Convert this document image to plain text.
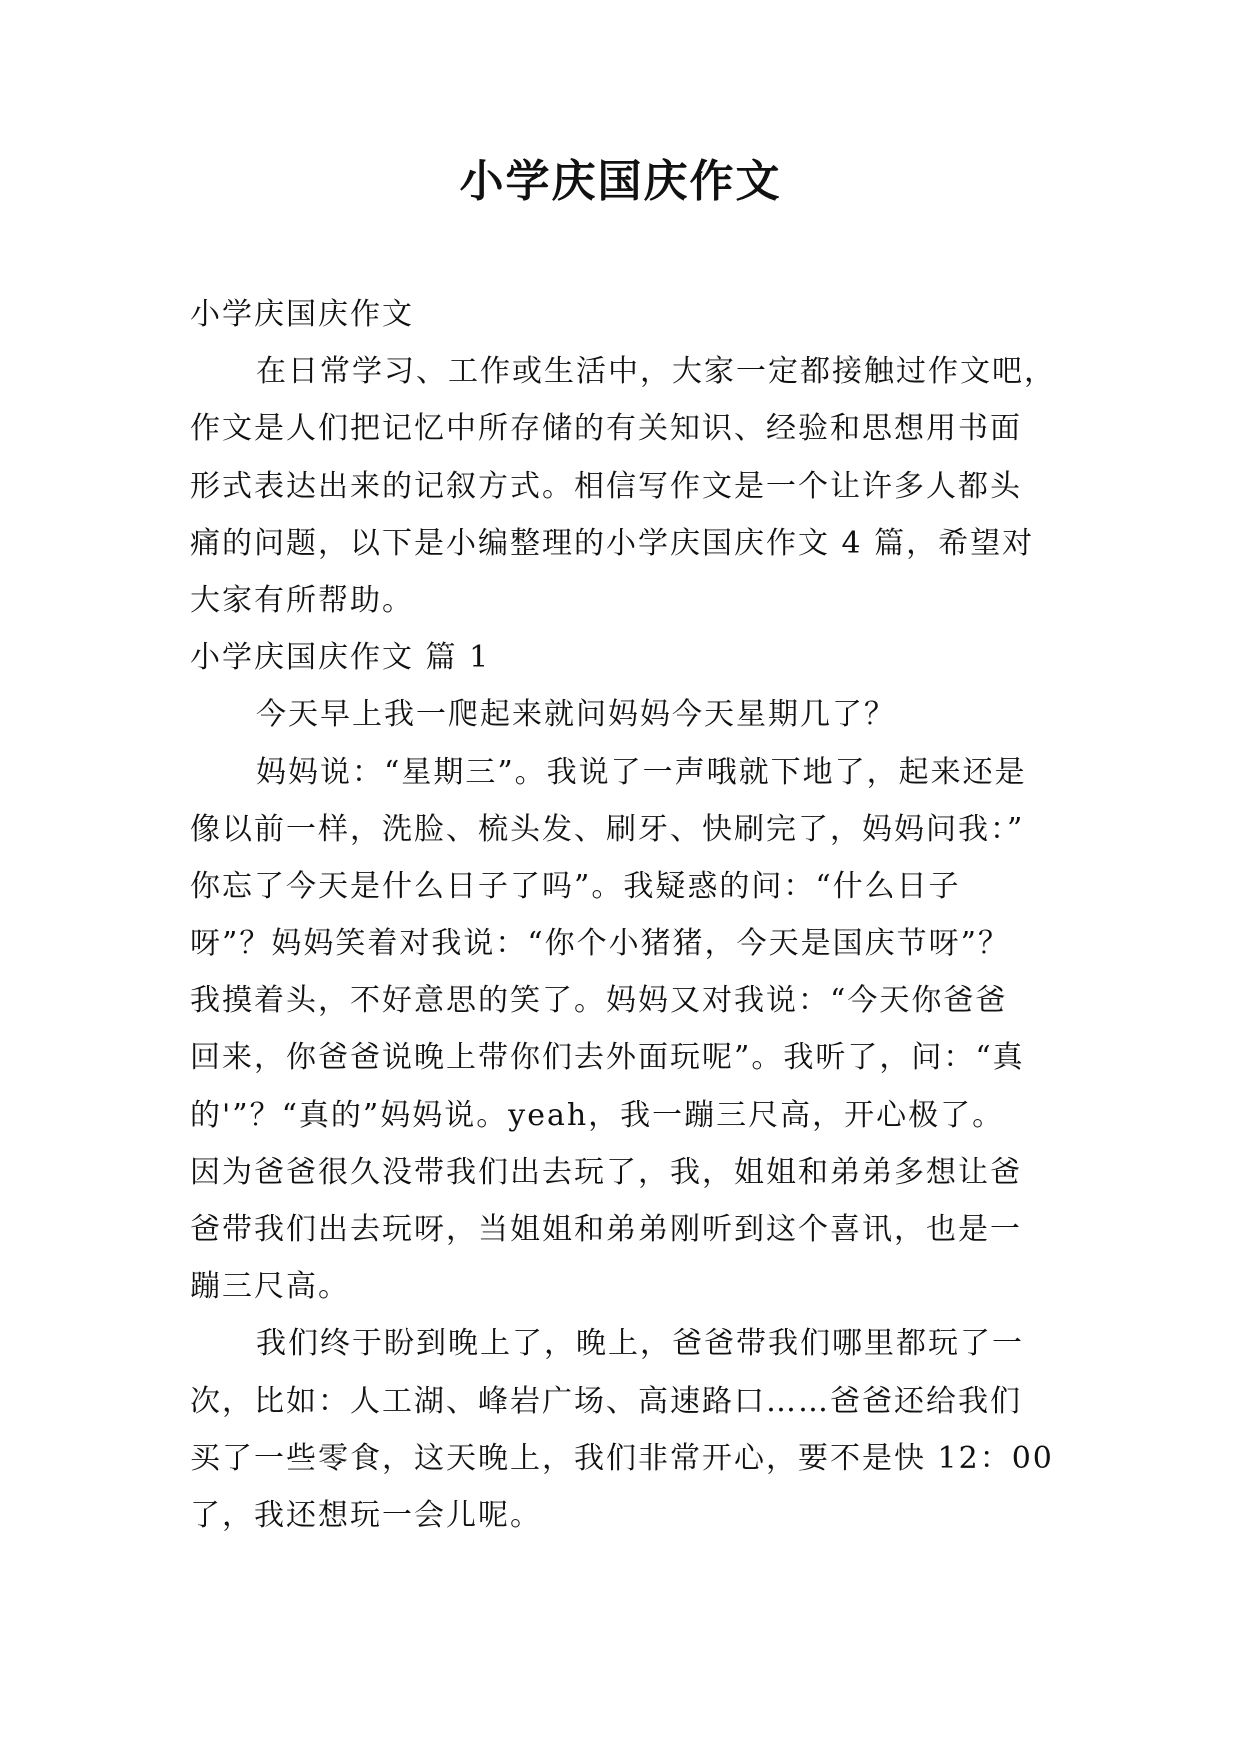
小学庆国庆作文
小学庆国庆作文
在日常学习、工作或生活中，大家一定都接触过作文吧，
作文是人们把记忆中所存储的有关知识、经验和思想用书面
形式表达出来的记叙方式。相信写作文是一个让许多人都头
痛的问题，以下是小编整理的小学庆国庆作文 4 篇，希望对
大家有所帮助。
小学庆国庆作文 篇 1
今天早上我一爬起来就问妈妈今天星期几了？
妈妈说：“星期三”。我说了一声哦就下地了，起来还是
像以前一样，洗脸、梳头发、刷牙、快刷完了，妈妈问我：”
你忘了今天是什么日子了吗”。我疑惑的问：“什么日子
呀”？妈妈笑着对我说：“你个小猪猪，今天是国庆节呀”？
我摸着头，不好意思的笑了。妈妈又对我说：“今天你爸爸
回来，你爸爸说晚上带你们去外面玩呢”。我听了，问：“真
的'”？“真的”妈妈说。yeah，我一蹦三尺高，开心极了。
因为爸爸很久没带我们出去玩了，我，姐姐和弟弟多想让爸
爸带我们出去玩呀，当姐姐和弟弟刚听到这个喜讯，也是一
蹦三尺高。
我们终于盼到晚上了，晚上，爸爸带我们哪里都玩了一
次，比如：人工湖、峰岩广场、高速路口……爸爸还给我们
买了一些零食，这天晚上，我们非常开心，要不是快 12：00
了，我还想玩一会儿呢。
